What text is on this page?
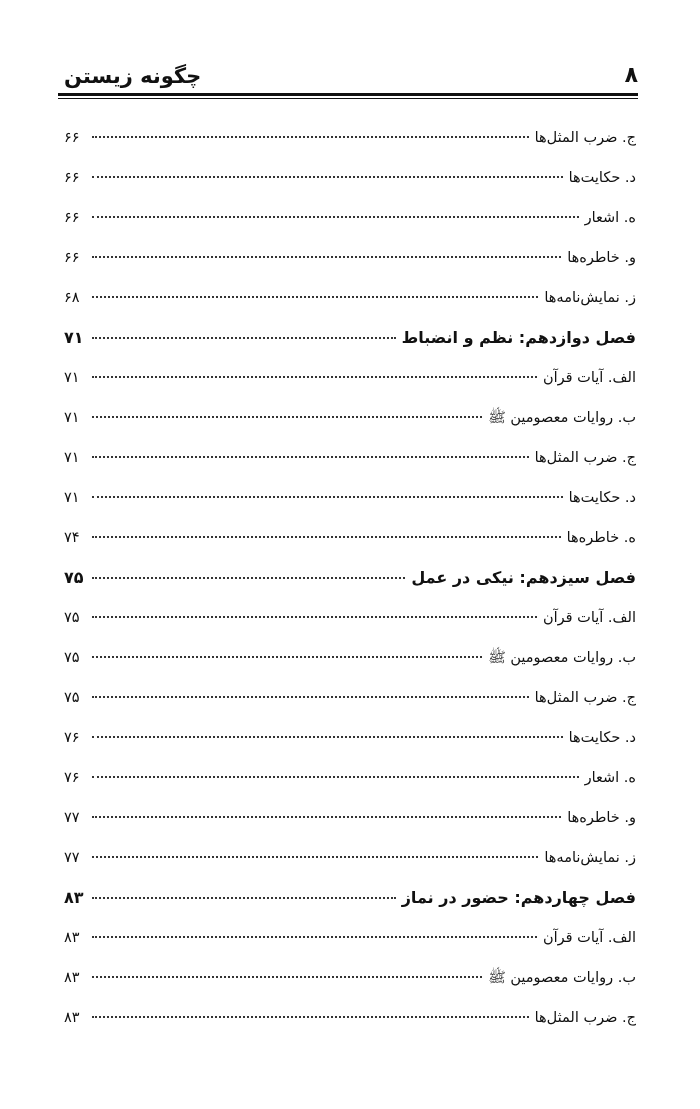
۸
چگونه زیستن
ج. ضرب المثل‌ها
۶۶
د. حکایت‌ها
۶۶
ه. اشعار
۶۶
و. خاطره‌ها
۶۶
ز. نمایش‌نامه‌ها
۶۸
فصل دوازدهم: نظم و انضباط
۷۱
الف. آیات قرآن
۷۱
ب. روایات معصومین ﷺ
۷۱
ج. ضرب المثل‌ها
۷۱
د. حکایت‌ها
۷۱
ه. خاطره‌ها
۷۴
فصل سیزدهم: نیکی در عمل
۷۵
الف. آیات قرآن
۷۵
ب. روایات معصومین ﷺ
۷۵
ج. ضرب المثل‌ها
۷۵
د. حکایت‌ها
۷۶
ه. اشعار
۷۶
و. خاطره‌ها
۷۷
ز. نمایش‌نامه‌ها
۷۷
فصل چهاردهم: حضور در نماز
۸۳
الف. آیات قرآن
۸۳
ب. روایات معصومین ﷺ
۸۳
ج. ضرب المثل‌ها
۸۳
